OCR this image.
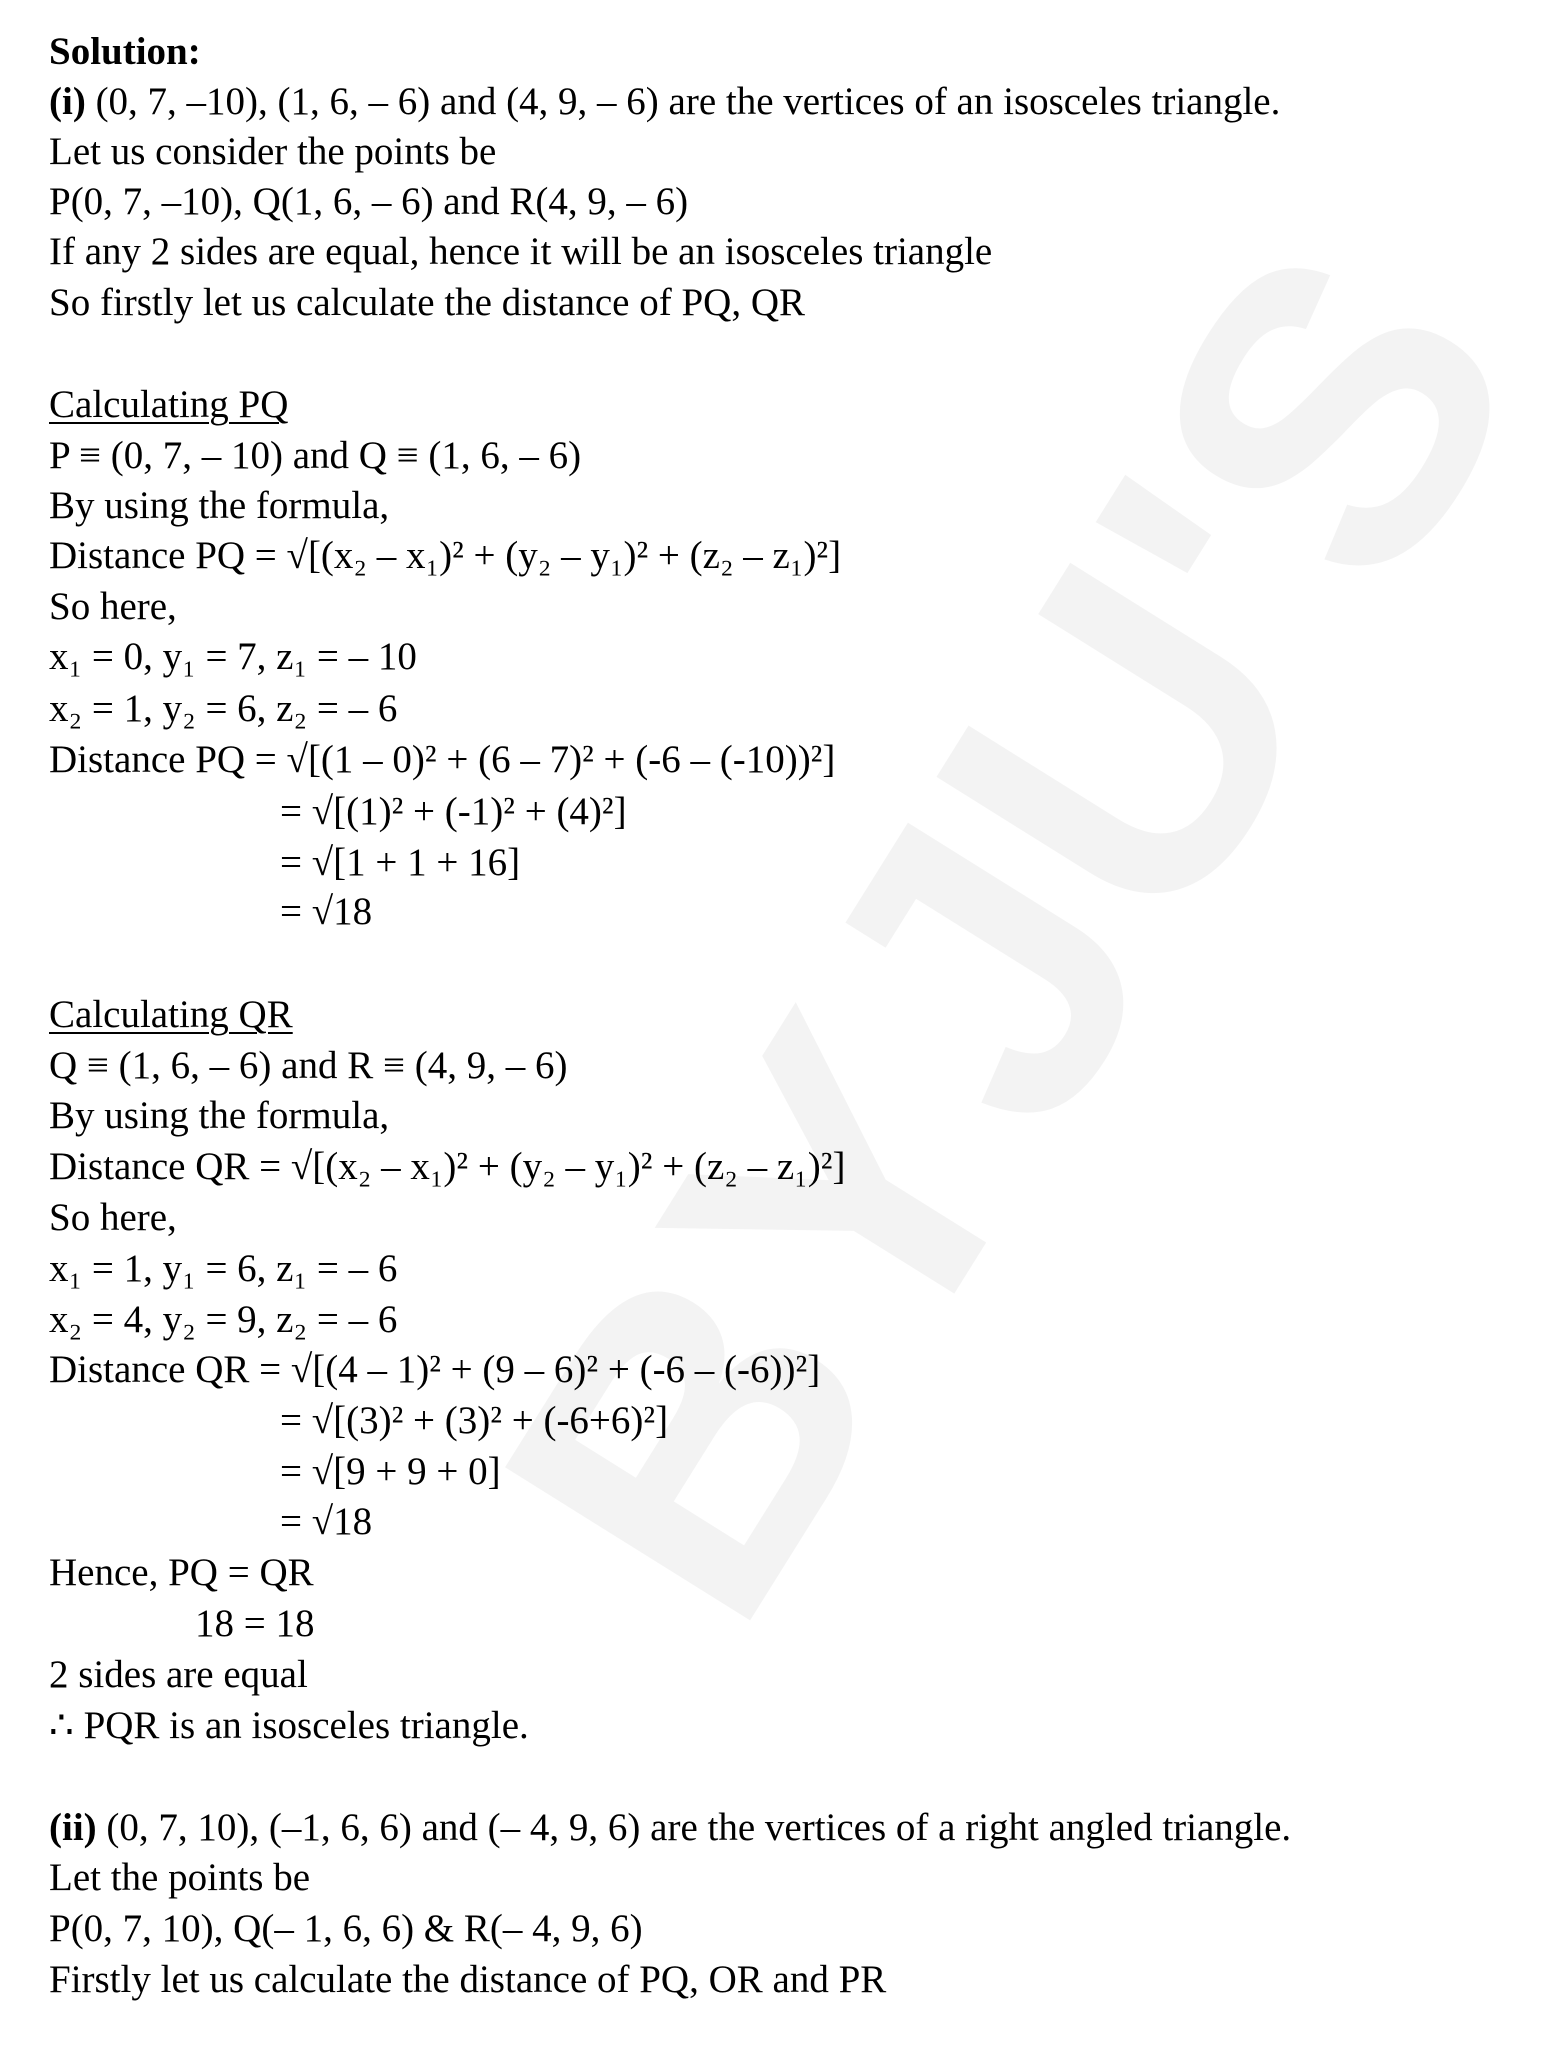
Solution:
(i) (0, 7, –10), (1, 6, – 6) and (4, 9, – 6) are the vertices of an isosceles triangle.
Let us consider the points be
P(0, 7, –10), Q(1, 6, – 6) and R(4, 9, – 6)
If any 2 sides are equal, hence it will be an isosceles triangle
So firstly let us calculate the distance of PQ, QR
Calculating PQ
P ≡ (0, 7, – 10) and Q ≡ (1, 6, – 6)
By using the formula,
Distance PQ = √[(x₂ – x₁)² + (y₂ – y₁)² + (z₂ – z₁)²]
So here,
x₁ = 0, y₁ = 7, z₁ = – 10
x₂ = 1, y₂ = 6, z₂ = – 6
Distance PQ = √[(1 – 0)² + (6 – 7)² + (-6 – (-10))²]
= √[(1)² + (-1)² + (4)²]
= √[1 + 1 + 16]
= √18
Calculating QR
Q ≡ (1, 6, – 6) and R ≡ (4, 9, – 6)
By using the formula,
Distance QR = √[(x₂ – x₁)² + (y₂ – y₁)² + (z₂ – z₁)²]
So here,
x₁ = 1, y₁ = 6, z₁ = – 6
x₂ = 4, y₂ = 9, z₂ = – 6
Distance QR = √[(4 – 1)² + (9 – 6)² + (-6 – (-6))²]
= √[(3)² + (3)² + (-6+6)²]
= √[9 + 9 + 0]
= √18
Hence, PQ = QR
18 = 18
2 sides are equal
∴ PQR is an isosceles triangle.
(ii) (0, 7, 10), (–1, 6, 6) and (– 4, 9, 6) are the vertices of a right angled triangle.
Let the points be
P(0, 7, 10), Q(– 1, 6, 6) & R(– 4, 9, 6)
Firstly let us calculate the distance of PQ, OR and PR
